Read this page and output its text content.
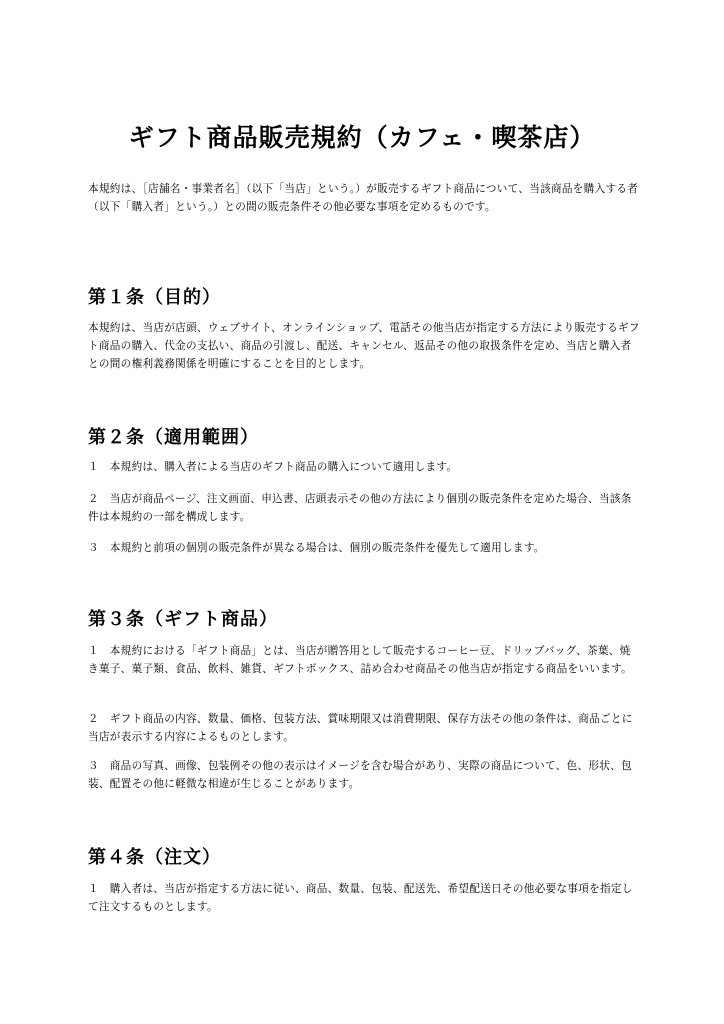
ギフト商品販売規約（カフェ・喫茶店）

本規約は、［店舗名・事業者名］（以下「当店」という。）が販売するギフト商品について、当該商品を購入する者（以下「購入者」という。）との間の販売条件その他必要な事項を定めるものです。

第１条（目的）

本規約は、当店が店頭、ウェブサイト、オンラインショップ、電話その他当店が指定する方法により販売するギフト商品の購入、代金の支払い、商品の引渡し、配送、キャンセル、返品その他の取扱条件を定め、当店と購入者との間の権利義務関係を明確にすることを目的とします。

第２条（適用範囲）

１　本規約は、購入者による当店のギフト商品の購入について適用します。

２　当店が商品ページ、注文画面、申込書、店頭表示その他の方法により個別の販売条件を定めた場合、当該条件は本規約の一部を構成します。

３　本規約と前項の個別の販売条件が異なる場合は、個別の販売条件を優先して適用します。

第３条（ギフト商品）

１　本規約における「ギフト商品」とは、当店が贈答用として販売するコーヒー豆、ドリップバッグ、茶葉、焼き菓子、菓子類、食品、飲料、雑貨、ギフトボックス、詰め合わせ商品その他当店が指定する商品をいいます。

２　ギフト商品の内容、数量、価格、包装方法、賞味期限又は消費期限、保存方法その他の条件は、商品ごとに当店が表示する内容によるものとします。

３　商品の写真、画像、包装例その他の表示はイメージを含む場合があり、実際の商品について、色、形状、包装、配置その他に軽微な相違が生じることがあります。

第４条（注文）

１　購入者は、当店が指定する方法に従い、商品、数量、包装、配送先、希望配送日その他必要な事項を指定して注文するものとします。
